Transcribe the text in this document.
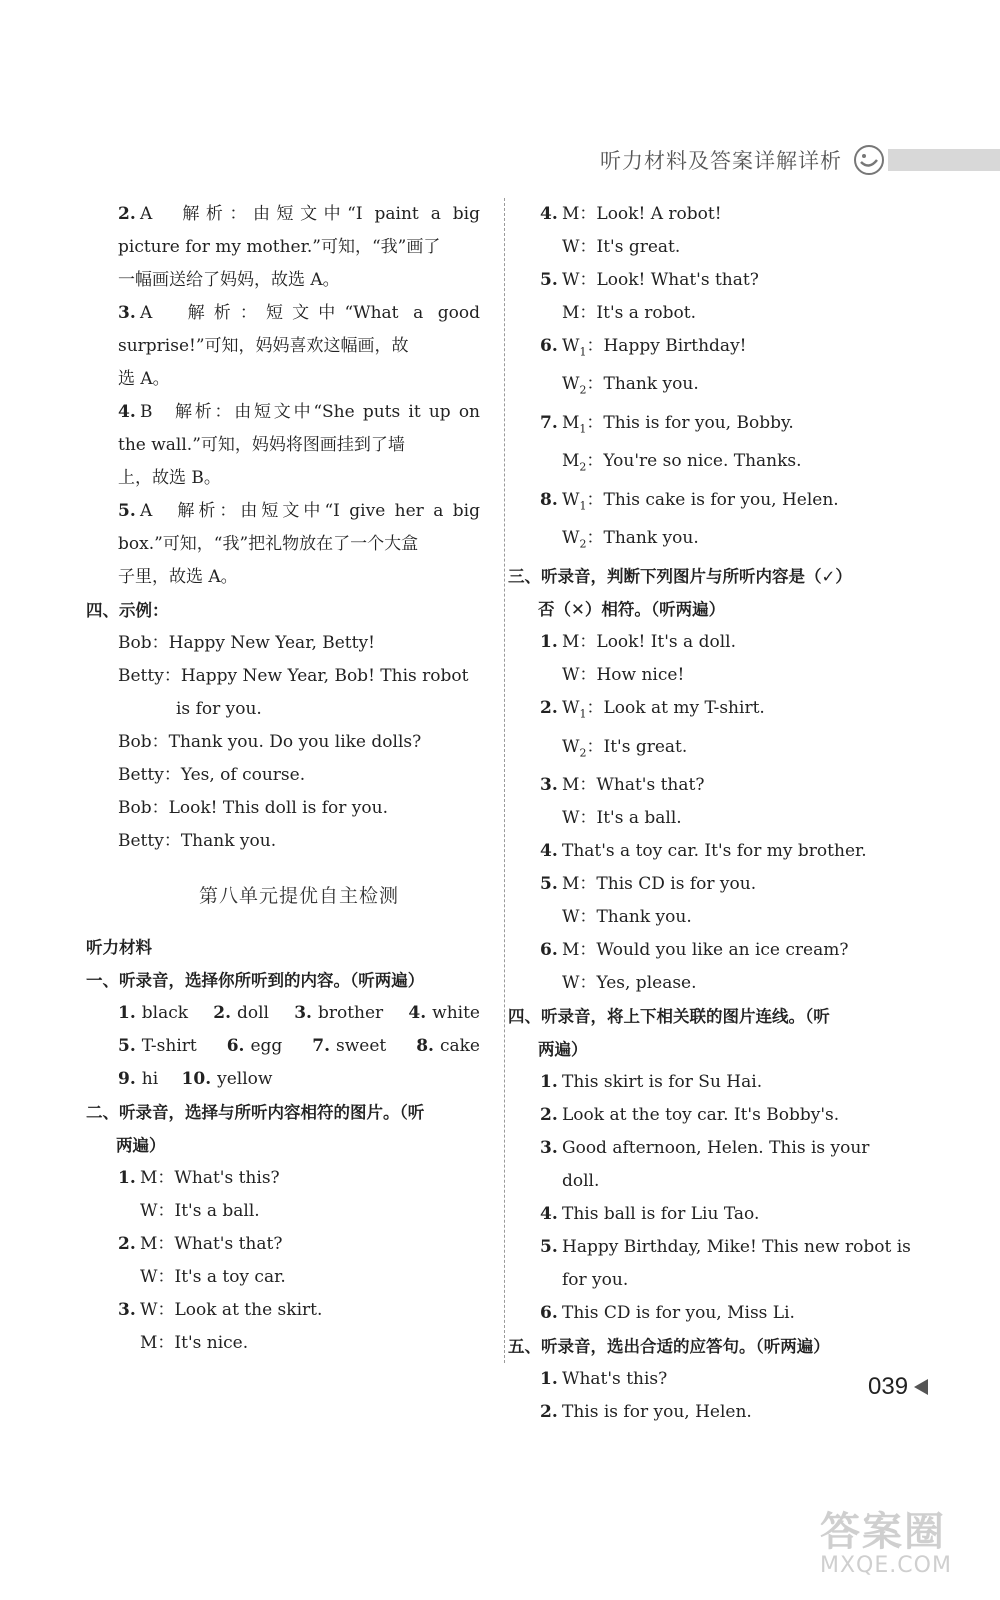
听力材料及答案详解详析
2. A　解析：由短文中“I paint a big
picture for my mother.”可知，“我”画了
一幅画送给了妈妈，故选 A。
3. A　解析：短文中“What a good
surprise!”可知，妈妈喜欢这幅画，故
选 A。
4. B　解析：由短文中“She puts it up on
the wall.”可知，妈妈将图画挂到了墙
上，故选 B。
5. A　解析：由短文中“I give her a big
box.”可知，“我”把礼物放在了一个大盒
子里，故选 A。
四、示例：
Bob： Happy New Year, Betty!
Betty： Happy New Year, Bob! This robot
is for you.
Bob： Thank you. Do you like dolls?
Betty： Yes, of course.
Bob： Look! This doll is for you.
Betty： Thank you.
第八单元提优自主检测
听力材料
一、听录音，选择你所听到的内容。（听两遍）
1. black 2. doll 3. brother 4. white
5. T-shirt 6. egg 7. sweet 8. cake
9. hi 10. yellow
二、听录音，选择与所听内容相符的图片。（听
两遍）
1. M：What's this?
W：It's a ball.
2. M：What's that?
W：It's a toy car.
3. W：Look at the skirt.
M：It's nice.
4. M：Look! A robot!
W：It's great.
5. W：Look! What's that?
M：It's a robot.
6. $W_1$：Happy Birthday!
$W_2$：Thank you.
7. $M_1$：This is for you, Bobby.
$M_2$：You're so nice. Thanks.
8. $W_1$：This cake is for you, Helen.
$W_2$：Thank you.
三、听录音，判断下列图片与所听内容是（✓）
否（✕）相符。（听两遍）
1. M：Look! It's a doll.
W：How nice!
2. $W_1$：Look at my T-shirt.
$W_2$：It's great.
3. M：What's that?
W：It's a ball.
4. That's a toy car. It's for my brother.
5. M：This CD is for you.
W：Thank you.
6. M：Would you like an ice cream?
W：Yes, please.
四、听录音，将上下相关联的图片连线。（听
两遍）
1. This skirt is for Su Hai.
2. Look at the toy car. It's Bobby's.
3. Good afternoon, Helen. This is your
doll.
4. This ball is for Liu Tao.
5. Happy Birthday, Mike! This new robot is
for you.
6. This CD is for you, Miss Li.
五、听录音，选出合适的应答句。（听两遍）
1. What's this?
2. This is for you, Helen.
039
答案圈
MXQE.COM
